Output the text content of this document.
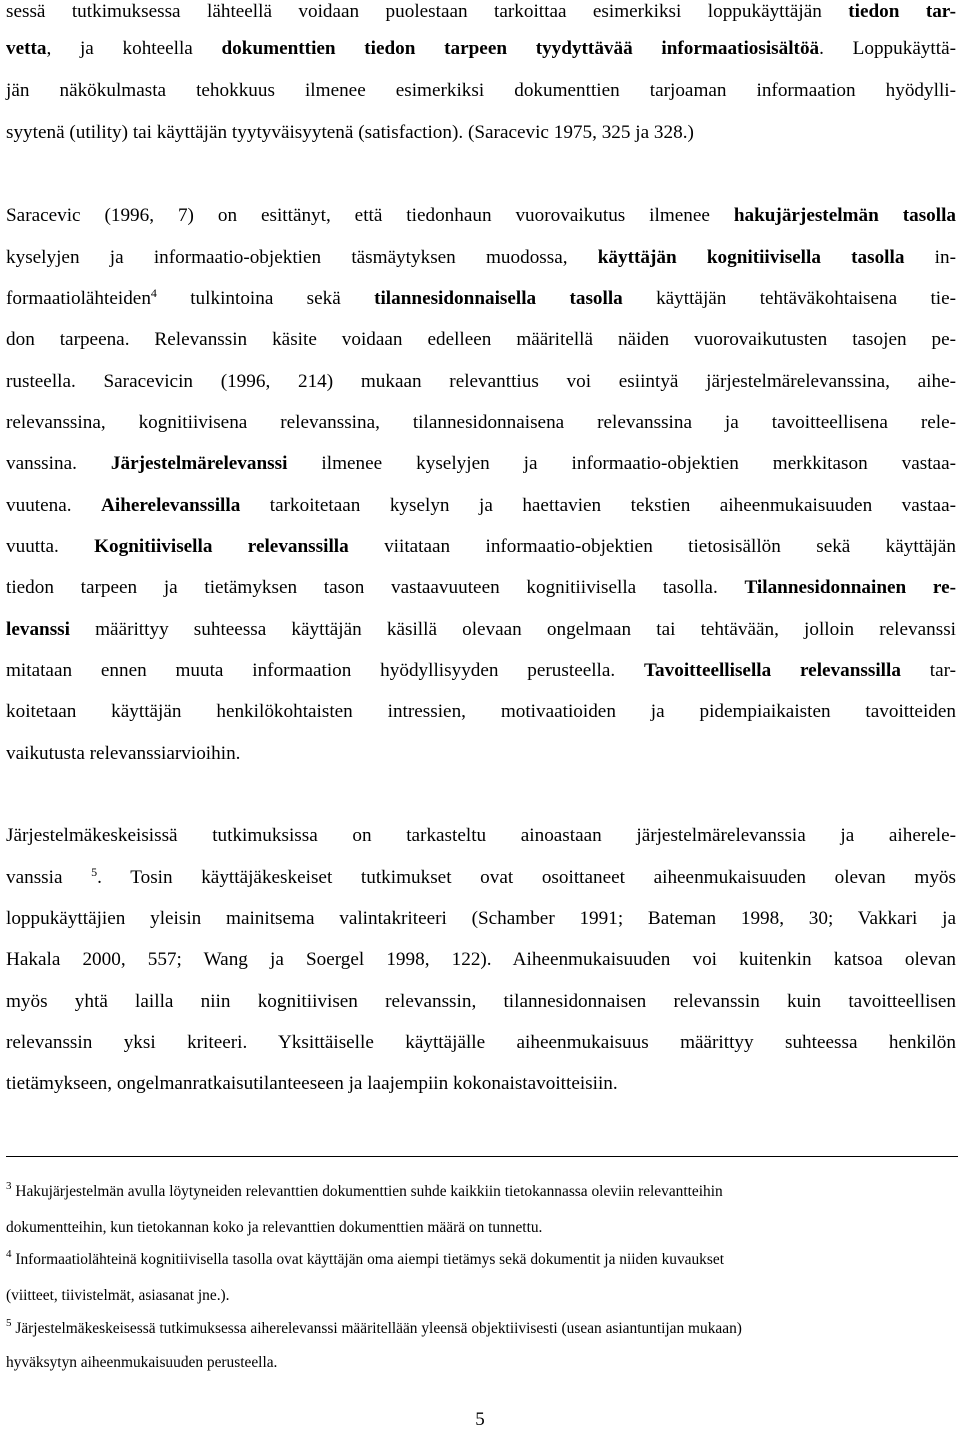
sessä tutkimuksessa lähteellä voidaan puolestaan tarkoittaa esimerkiksi loppukäyttäjän tiedon tar-
vetta, ja kohteella dokumenttien tiedon tarpeen tyydyttävää informaatiosisältöä. Loppukäyttä-
jän näkökulmasta tehokkuus ilmenee esimerkiksi dokumenttien tarjoaman informaation hyödylli-
syytenä (utility) tai käyttäjän tyytyväisyytenä (satisfaction). (Saracevic 1975, 325 ja 328.)
Saracevic (1996, 7) on esittänyt, että tiedonhaun vuorovaikutus ilmenee hakujärjestelmän tasolla
kyselyjen ja informaatio-objektien täsmäytyksen muodossa, käyttäjän kognitiivisella tasolla in-
formaatiolähteiden$^4$ tulkintoina sekä tilannesidonnaisella tasolla käyttäjän tehtäväkohtaisena tie-
don tarpeena. Relevanssin käsite voidaan edelleen määritellä näiden vuorovaikutusten tasojen pe-
rusteella. Saracevicin (1996, 214) mukaan relevanttius voi esiintyä järjestelmärelevanssina, aihe-
relevanssina, kognitiivisena relevanssina, tilannesidonnaisena relevanssina ja tavoitteellisena rele-
vanssina. Järjestelmärelevanssi ilmenee kyselyjen ja informaatio-objektien merkkitason vastaa-
vuutena. Aiherelevanssilla tarkoitetaan kyselyn ja haettavien tekstien aiheenmukaisuuden vastaa-
vuutta. Kognitiivisella relevanssilla viitataan informaatio-objektien tietosisällön sekä käyttäjän
tiedon tarpeen ja tietämyksen tason vastaavuuteen kognitiivisella tasolla. Tilannesidonnainen re-
levanssi määrittyy suhteessa käyttäjän käsillä olevaan ongelmaan tai tehtävään, jolloin relevanssi
mitataan ennen muuta informaation hyödyllisyyden perusteella. Tavoitteellisella relevanssilla tar-
koitetaan käyttäjän henkilökohtaisten intressien, motivaatioiden ja pidempiaikaisten tavoitteiden
vaikutusta relevanssiarvioihin.
Järjestelmäkeskeisissä tutkimuksissa on tarkasteltu ainoastaan järjestelmärelevanssia ja aiherele-
vanssia $^5$. Tosin käyttäjäkeskeiset tutkimukset ovat osoittaneet aiheenmukaisuuden olevan myös
loppukäyttäjien yleisin mainitsema valintakriteeri (Schamber 1991; Bateman 1998, 30; Vakkari ja
Hakala 2000, 557; Wang ja Soergel 1998, 122). Aiheenmukaisuuden voi kuitenkin katsoa olevan
myös yhtä lailla niin kognitiivisen relevanssin, tilannesidonnaisen relevanssin kuin tavoitteellisen
relevanssin yksi kriteeri. Yksittäiselle käyttäjälle aiheenmukaisuus määrittyy suhteessa henkilön
tietämykseen, ongelmanratkaisutilanteeseen ja laajempiin kokonaistavoitteisiin.
$^3$ Hakujärjestelmän avulla löytyneiden relevanttien dokumenttien suhde kaikkiin tietokannassa oleviin relevantteihin
dokumentteihin, kun tietokannan koko ja relevanttien dokumenttien määrä on tunnettu.
$^4$ Informaatiolähteinä kognitiivisella tasolla ovat käyttäjän oma aiempi tietämys sekä dokumentit ja niiden kuvaukset
(viitteet, tiivistelmät, asiasanat jne.).
$^5$ Järjestelmäkeskeisessä tutkimuksessa aiherelevanssi määritellään yleensä objektiivisesti (usean asiantuntijan mukaan)
hyväksytyn aiheenmukaisuuden perusteella.
5
